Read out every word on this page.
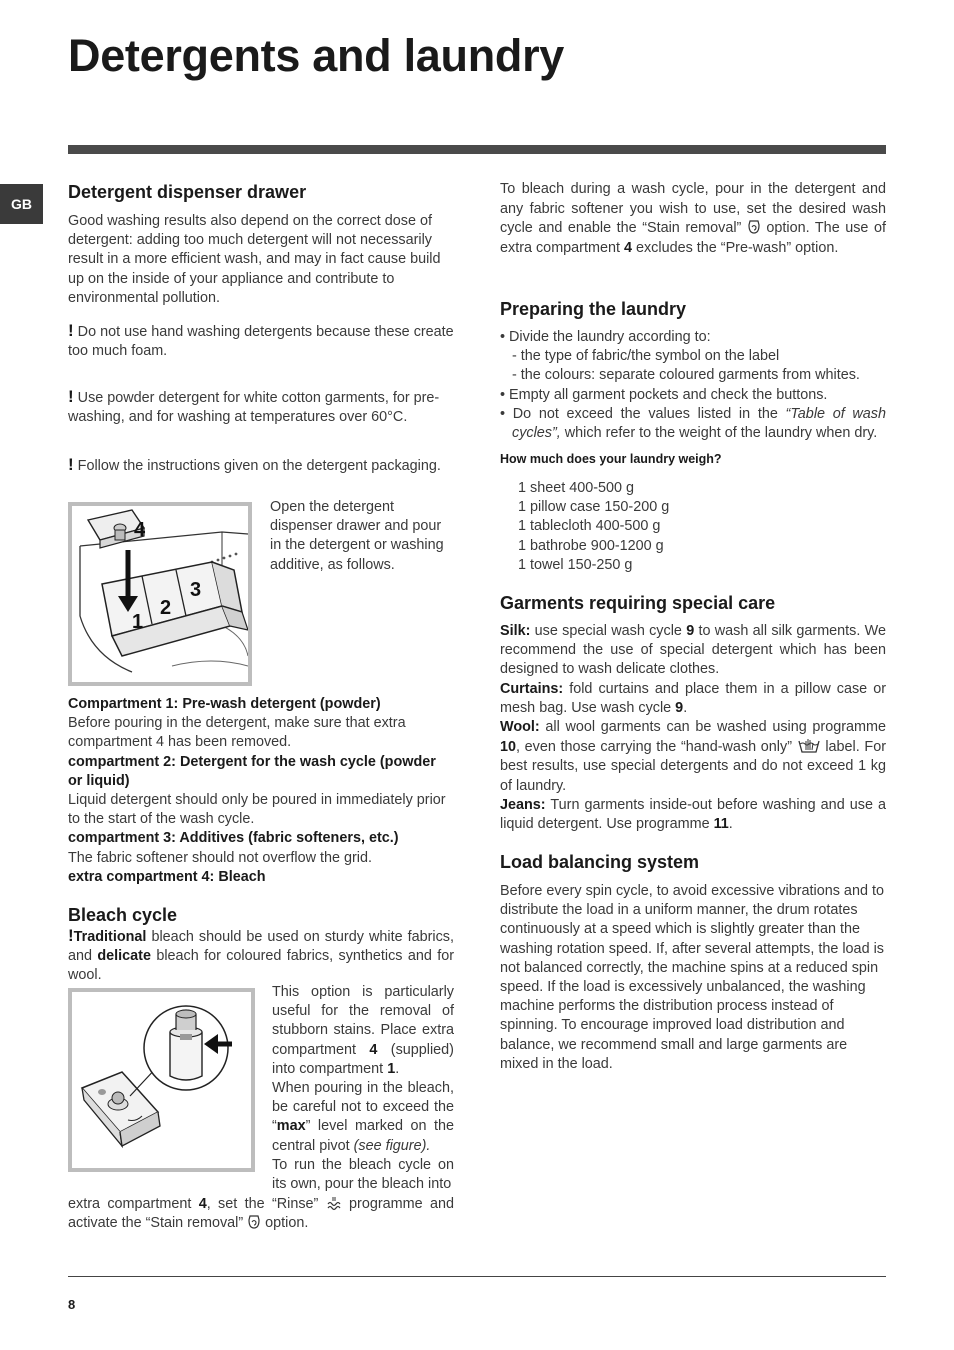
Detergents and laundry
GB
Detergent dispenser drawer

Good washing results also depend on the correct dose of detergent: adding too much detergent will not necessarily result in a more efficient wash, and may in fact cause build up on the inside of your appliance and contribute to environmental pollution.

! Do not use hand washing detergents because these create too much foam.
! Use powder detergent for white cotton garments, for pre-washing, and for washing at temperatures over 60°C.
! Follow the instructions given on the detergent packaging.
4
1
2
3

Open the detergent dispenser drawer and pour in the detergent or washing additive, as follows.

Compartment 1: Pre-wash detergent (powder)

Before pouring in the detergent, make sure that extra compartment 4 has been removed.

compartment 2: Detergent for the wash cycle (powder or liquid)

Liquid detergent should only be poured in immediately prior to the start of the wash cycle.

compartment 3: Additives (fabric softeners, etc.)

The fabric softener should not overflow the grid.

extra compartment 4: Bleach

Bleach cycle

!Traditional bleach should be used on sturdy white fabrics, and delicate bleach for coloured fabrics, synthetics and for wool.

This option is particularly useful for the removal of stubborn stains. Place extra compartment 4 (supplied) into compartment 1.

When pouring in the bleach, be careful not to exceed the “max” level marked on the central pivot (see figure).

To run the bleach cycle on its own, pour the bleach into

extra compartment 4, set the “Rinse”  programme and activate the “Stain removal”  option.

To bleach during a wash cycle, pour in the detergent and any fabric softener you wish to use, set the desired wash cycle and enable the “Stain removal”  option. The use of extra compartment 4 excludes the “Pre-wash” option.

Preparing the laundry

• Divide the laundry according to:

- the type of fabric/the symbol on the label

- the colours: separate coloured garments from whites.

• Empty all garment pockets and check the buttons.

• Do not exceed the values listed in the “Table of wash cycles”, which refer to the weight of the laundry when dry.

How much does your laundry weigh?

1 sheet 400-500 g

1 pillow case 150-200 g

1 tablecloth 400-500 g

1 bathrobe 900-1200 g

1 towel 150-250 g

Garments requiring special care

Silk: use special wash cycle 9 to wash all silk garments. We recommend the use of special detergent which has been designed to wash delicate clothes.

Curtains: fold curtains and place them in a pillow case or mesh bag. Use wash cycle 9.

Wool: all wool garments can be washed using programme 10, even those carrying the “hand-wash only”  label. For best results, use special detergents and do not exceed 1 kg of laundry.

Jeans: Turn garments inside-out before washing and use a liquid detergent. Use programme 11.

Load balancing system

Before every spin cycle, to avoid excessive vibrations and to distribute the load in a uniform manner, the drum rotates continuously at a speed which is slightly greater than the washing rotation speed. If, after several attempts, the load is not balanced correctly, the machine spins at a reduced spin speed. If the load is excessively unbalanced, the washing machine performs the distribution process instead of spinning. To encourage improved load distribution and balance, we recommend small and large garments are mixed in the load.

8
